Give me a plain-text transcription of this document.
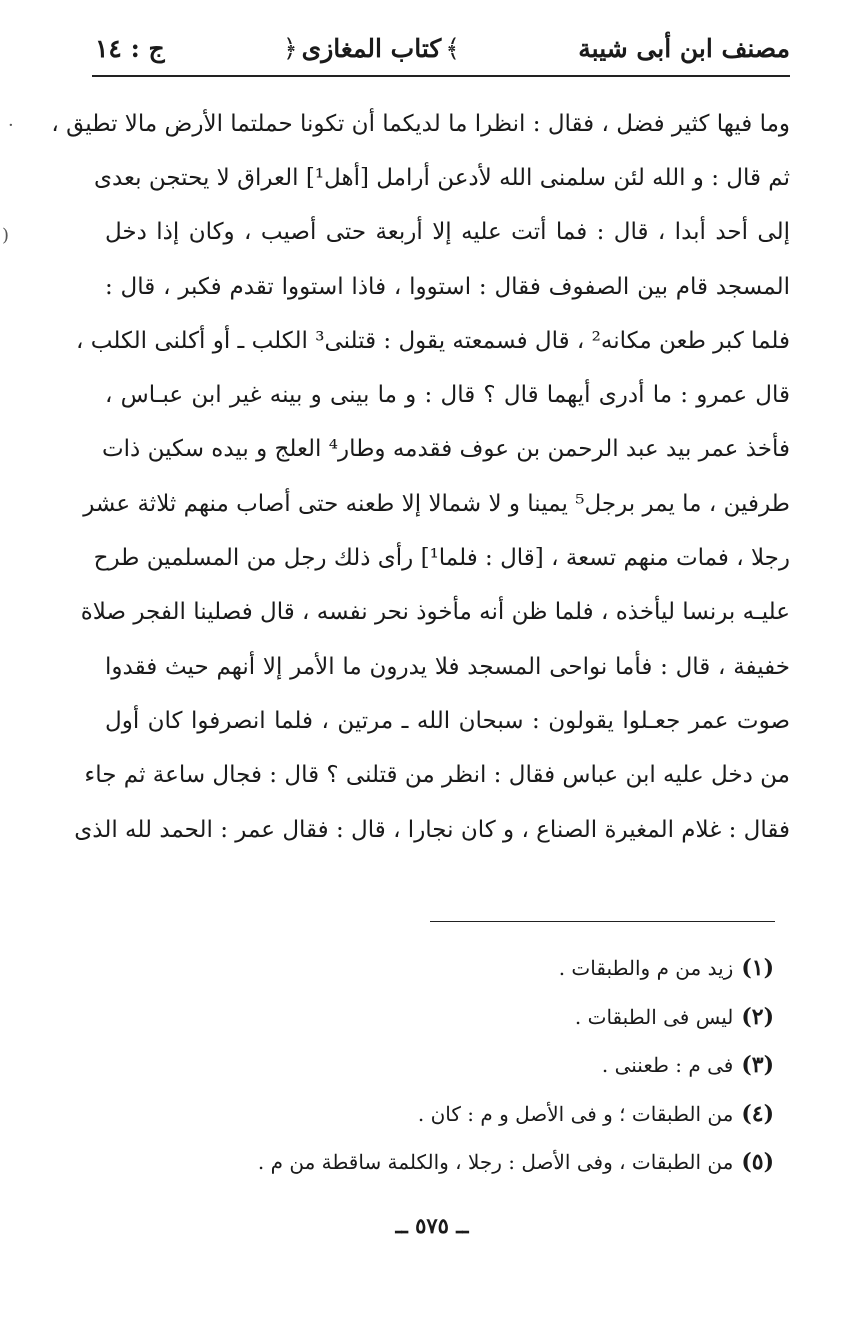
مصنف ابن أبى شيبة
﴾كتاب المغازى﴿
ج : ١٤
وما فيها كثير فضل ، فقال : انظرا ما لديكما أن تكونا حملتما الأرض مالا تطيق ،
ثم قال : و الله لئن سلمنى الله لأدعن أرامل [أهل¹] العراق لا يحتجن بعدى
إلى أحد أبدا ، قال : فما أتت عليه إلا أربعة حتى أصيب ، وكان إذا دخل
المسجد قام بين الصفوف فقال : استووا ، فاذا استووا تقدم فكبر ، قال :
فلما كبر طعن مكانه² ، قال فسمعته يقول : قتلنى³ الكلب ـ أو أكلنى الكلب ،
قال عمرو : ما أدرى أيهما قال ؟ قال : و ما بينى و بينه غير ابن عبـاس ،
فأخذ عمر بيد عبد الرحمن بن عوف فقدمه وطار⁴ العلج و بيده سكين ذات
طرفين ، ما يمر برجل⁵ يمينا و لا شمالا إلا طعنه حتى أصاب منهم ثلاثة عشر
رجلا ، فمات منهم تسعة ، [قال : فلما¹] رأى ذلك رجل من المسلمين طرح
عليـه برنسا ليأخذه ، فلما ظن أنه مأخوذ نحر نفسه ، قال فصلينا الفجر صلاة
خفيفة ، قال : فأما نواحى المسجد فلا يدرون ما الأمر إلا أنهم حيث فقدوا
صوت عمر جعـلوا يقولون : سبحان الله ـ مرتين ، فلما انصرفوا كان أول
من دخل عليه ابن عباس فقال : انظر من قتلنى ؟ قال : فجال ساعة ثم جاء
فقال : غلام المغيرة الصناع ، و كان نجارا ، قال : فقال عمر : الحمد لله الذى
(١)
زيد من م والطبقات .
(٢)
ليس فى الطبقات .
(٣)
فى م : طعننى .
(٤)
من الطبقات ؛ و فى الأصل و م : كان .
(٥)
من الطبقات ، وفى الأصل : رجلا ، والكلمة ساقطة من م .
ــ ٥٧٥ ــ
·
(
